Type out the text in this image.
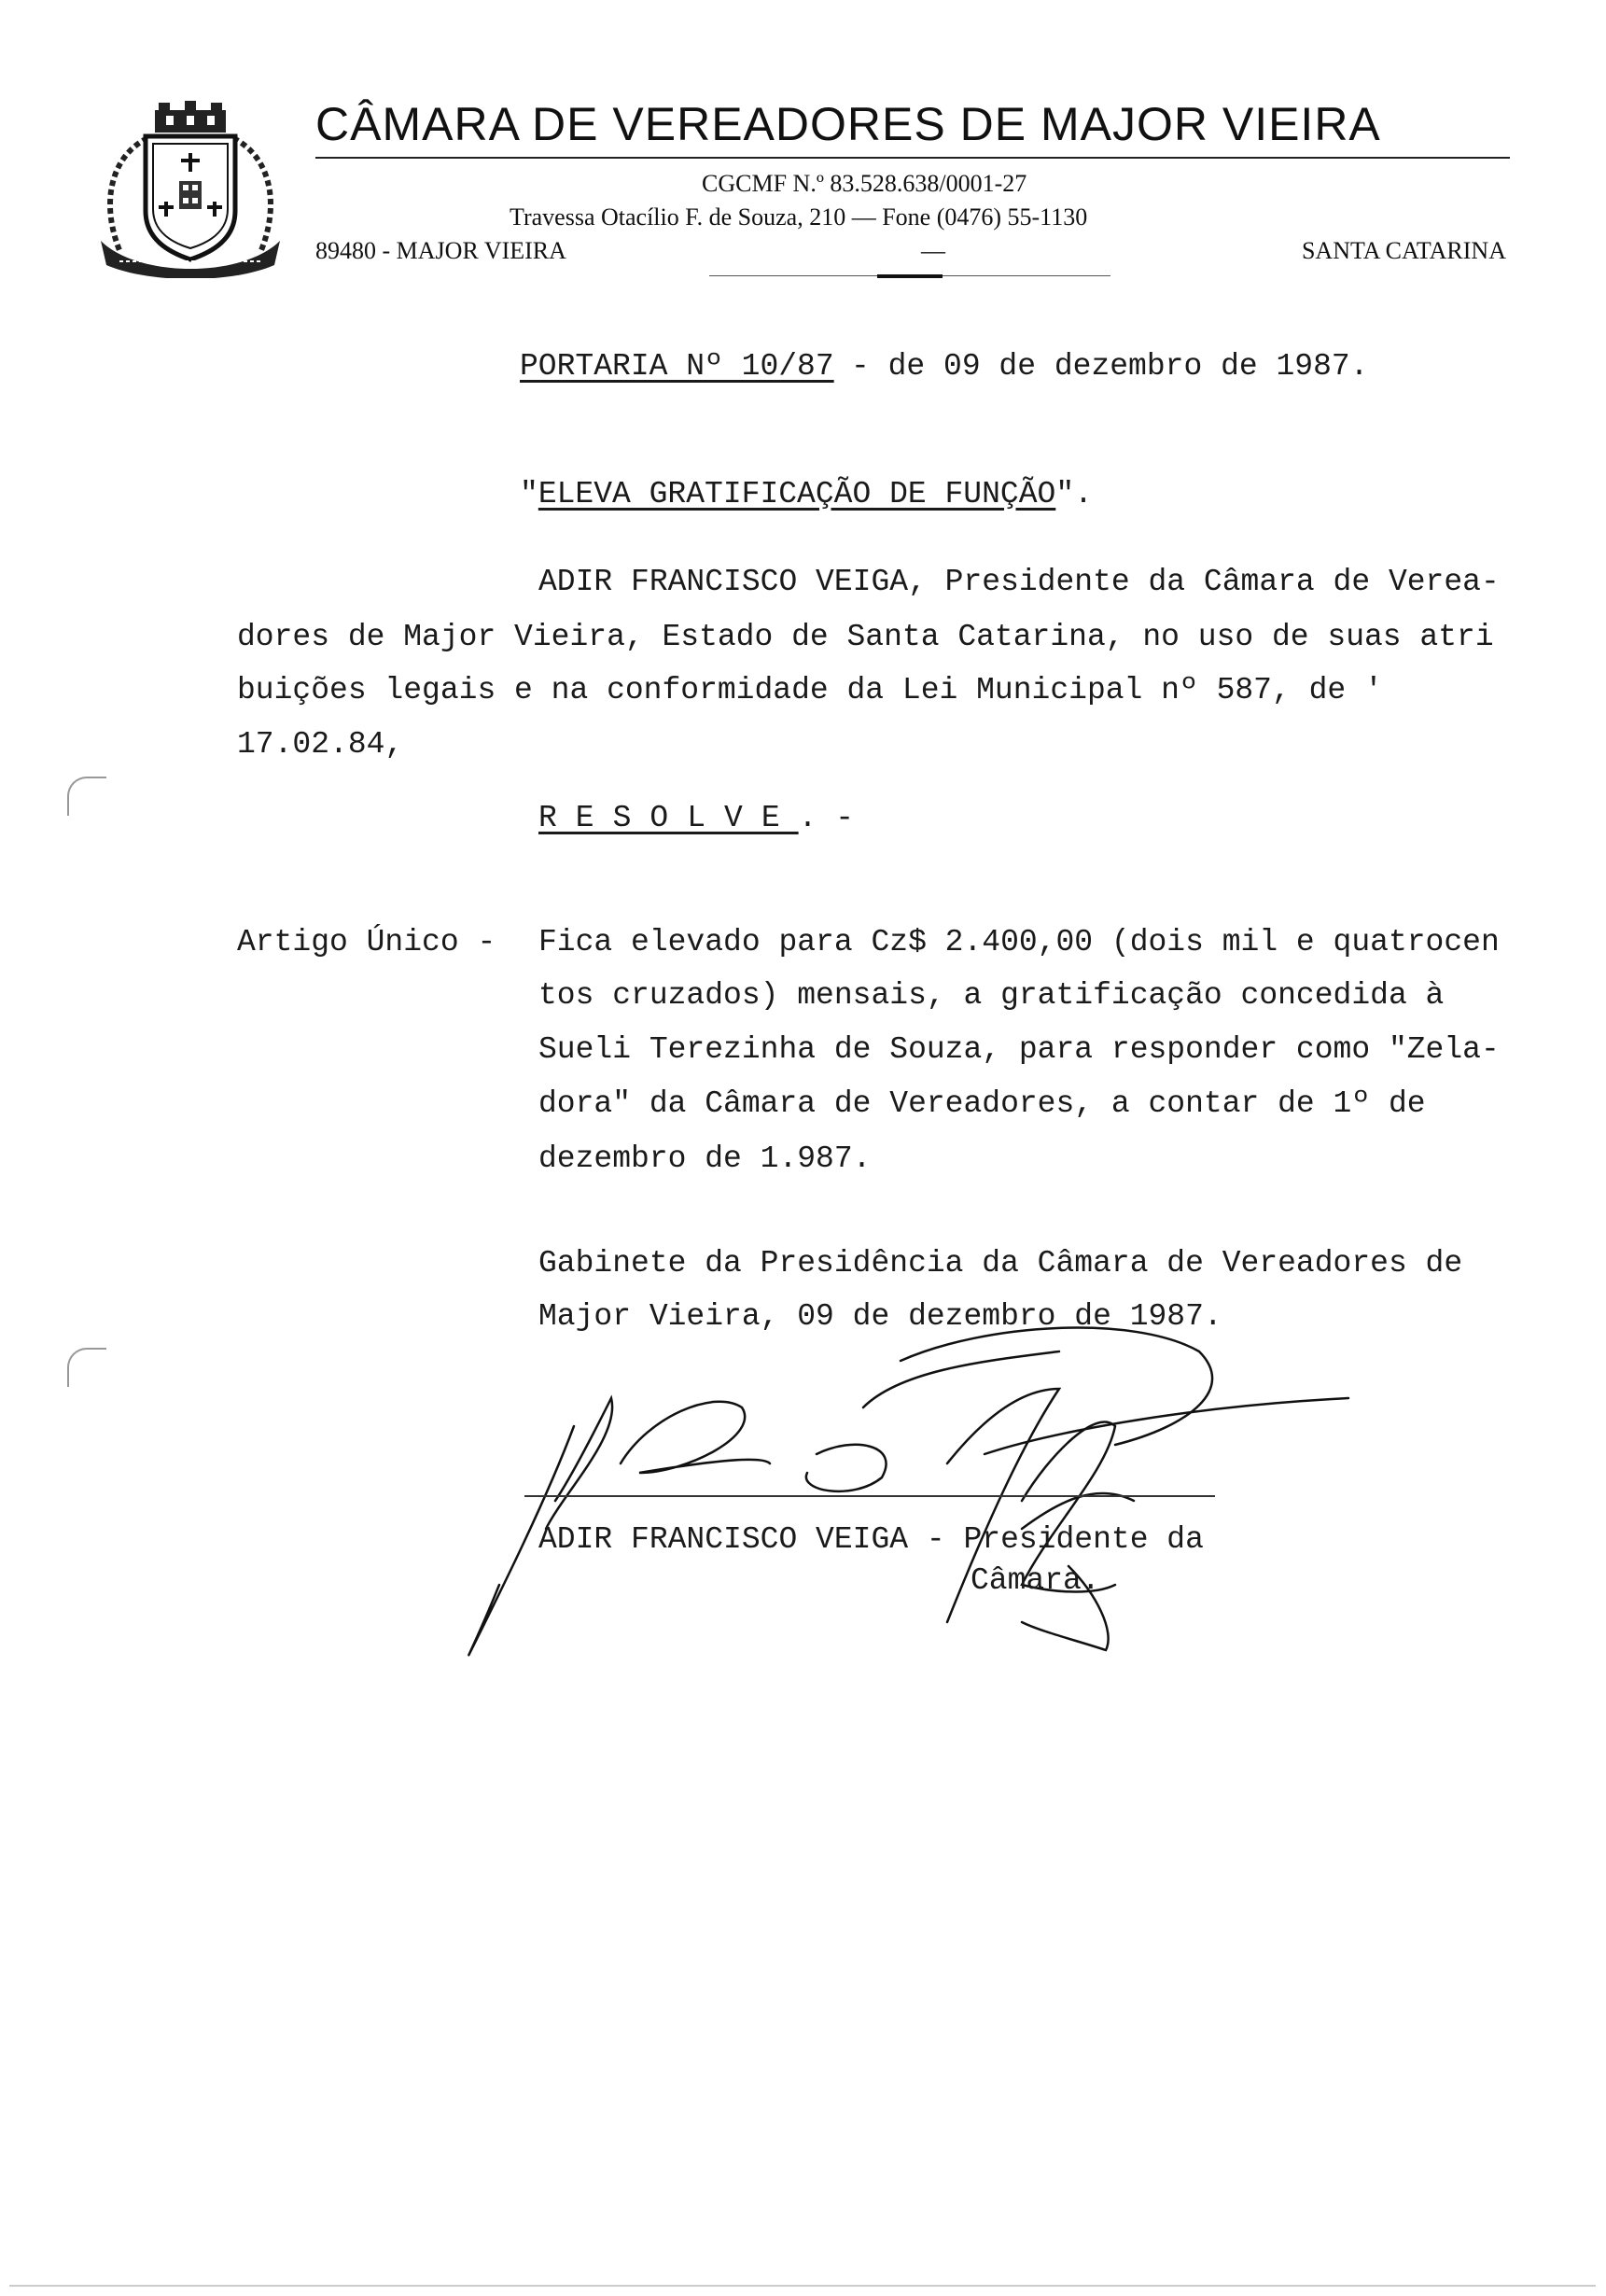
CÂMARA DE VEREADORES DE MAJOR VIEIRA
CGCMF N.º 83.528.638/0001-27
Travessa Otacílio F. de Souza, 210 — Fone (0476) 55-1130
89480 - MAJOR VIEIRA	—	SANTA CATARINA
PORTARIA Nº 10/87 - de 09 de dezembro de 1987.
"ELEVA GRATIFICAÇÃO DE FUNÇÃO".
ADIR FRANCISCO VEIGA, Presidente da Câmara de Verea-
dores de Major Vieira, Estado de Santa Catarina, no uso de suas atri
buições legais e na conformidade da Lei Municipal nº 587, de '
17.02.84,
RESOLVE. -
Artigo Único - Fica elevado para Cz$ 2.400,00 (dois mil e quatrocen
tos cruzados) mensais, a gratificação concedida à
Sueli Terezinha de Souza, para responder como "Zela-
dora" da Câmara de Vereadores, a contar de 1º de
dezembro de 1.987.
Gabinete da Presidência da Câmara de Vereadores de
Major Vieira, 09 de dezembro de 1987.
ADIR FRANCISCO VEIGA - Presidente da
Câmara.
